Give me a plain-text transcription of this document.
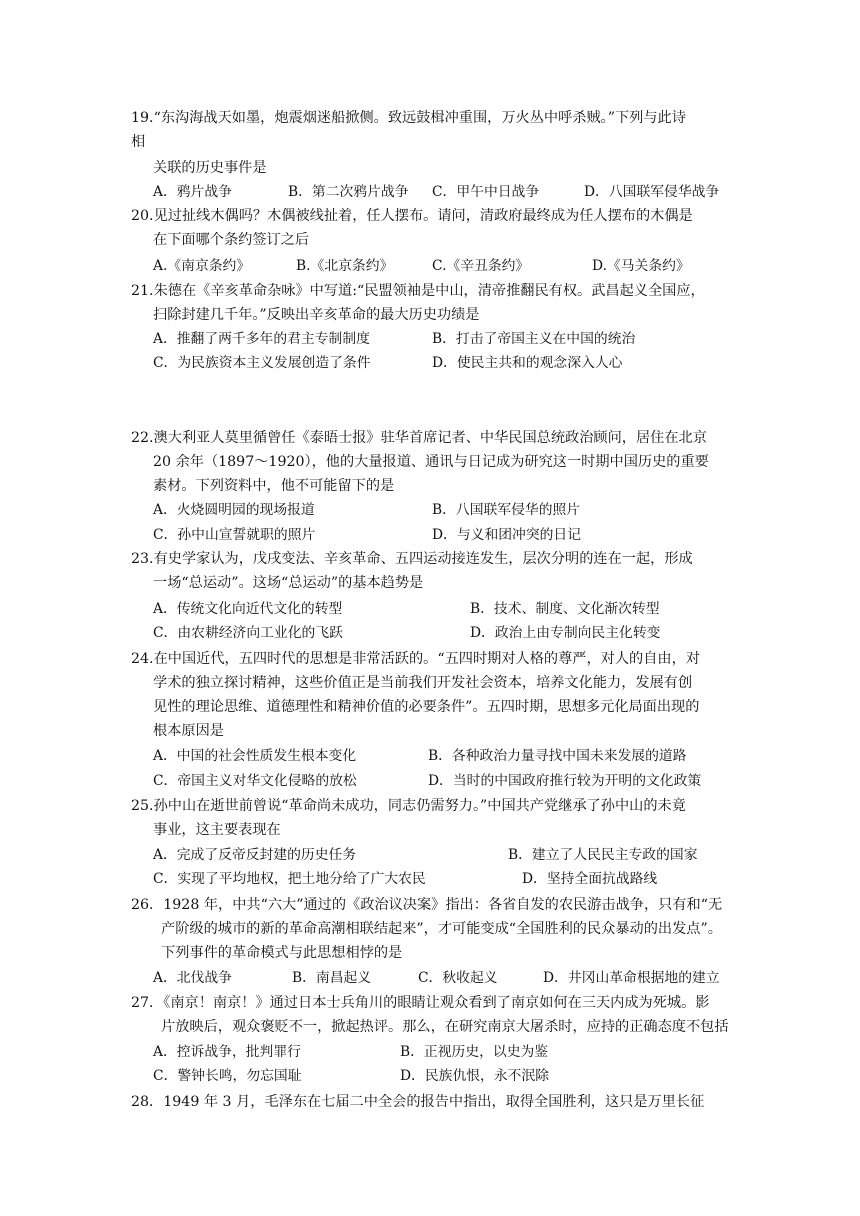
19.“东沟海战天如墨，炮震烟迷船掀侧。致远鼓楫冲重围，万火丛中呼杀贼。”下列与此诗
相
关联的历史事件是
A．鸦片战争	B．第二次鸦片战争 C．甲午中日战争	D．八国联军侵华战争
20.见过扯线木偶吗？木偶被线扯着，任人摆布。请问，清政府最终成为任人摆布的木偶是
在下面哪个条约签订之后
A.《南京条约》	B.《北京条约》	C.《辛丑条约》	D.《马关条约》
21.朱德在《辛亥革命杂咏》中写道:“民盟领袖是中山，清帝推翻民有权。武昌起义全国应，
扫除封建几千年。”反映出辛亥革命的最大历史功绩是
A．推翻了两千多年的君主专制制度	B．打击了帝国主义在中国的统治
C．为民族资本主义发展创造了条件	D．使民主共和的观念深入人心
22.澳大利亚人莫里循曾任《泰晤士报》驻华首席记者、中华民国总统政治顾问，居住在北京
20 余年（1897～1920），他的大量报道、通讯与日记成为研究这一时期中国历史的重要
素材。下列资料中，他不可能留下的是
A．火烧圆明园的现场报道	B．八国联军侵华的照片
C．孙中山宣誓就职的照片	D．与义和团冲突的日记
23.有史学家认为，戊戌变法、辛亥革命、五四运动接连发生，层次分明的连在一起，形成
一场“总运动”。这场“总运动”的基本趋势是
A．传统文化向近代文化的转型	B．技术、制度、文化渐次转型
C．由农耕经济向工业化的飞跃	D．政治上由专制向民主化转变
24.在中国近代，五四时代的思想是非常活跃的。“五四时期对人格的尊严，对人的自由，对
学术的独立探讨精神，这些价值正是当前我们开发社会资本，培养文化能力，发展有创
见性的理论思维、道德理性和精神价值的必要条件”。五四时期，思想多元化局面出现的
根本原因是
A．中国的社会性质发生根本变化	B．各种政治力量寻找中国未来发展的道路
C．帝国主义对华文化侵略的放松	D．当时的中国政府推行较为开明的文化政策
25.孙中山在逝世前曾说“革命尚未成功，同志仍需努力。”中国共产党继承了孙中山的未竟
事业，这主要表现在
A．完成了反帝反封建的历史任务	B．建立了人民民主专政的国家
C．实现了平均地权，把土地分给了广大农民	D．坚持全面抗战路线
26．1928 年，中共“六大”通过的《政治议决案》指出：各省自发的农民游击战争，只有和“无
产阶级的城市的新的革命高潮相联结起来”，才可能变成“全国胜利的民众暴动的出发点”。
下列事件的革命模式与此思想相悖的是
A．北伐战争	B．南昌起义	C．秋收起义	D．井冈山革命根据地的建立
27．《南京！南京！》通过日本士兵角川的眼睛让观众看到了南京如何在三天内成为死城。影
片放映后，观众褒贬不一，掀起热评。那么，在研究南京大屠杀时，应持的正确态度不包括
A．控诉战争，批判罪行	B．正视历史，以史为鉴
C．警钟长鸣，勿忘国耻	D．民族仇恨，永不泯除
28．1949 年 3 月，毛泽东在七届二中全会的报告中指出，取得全国胜利，这只是万里长征
